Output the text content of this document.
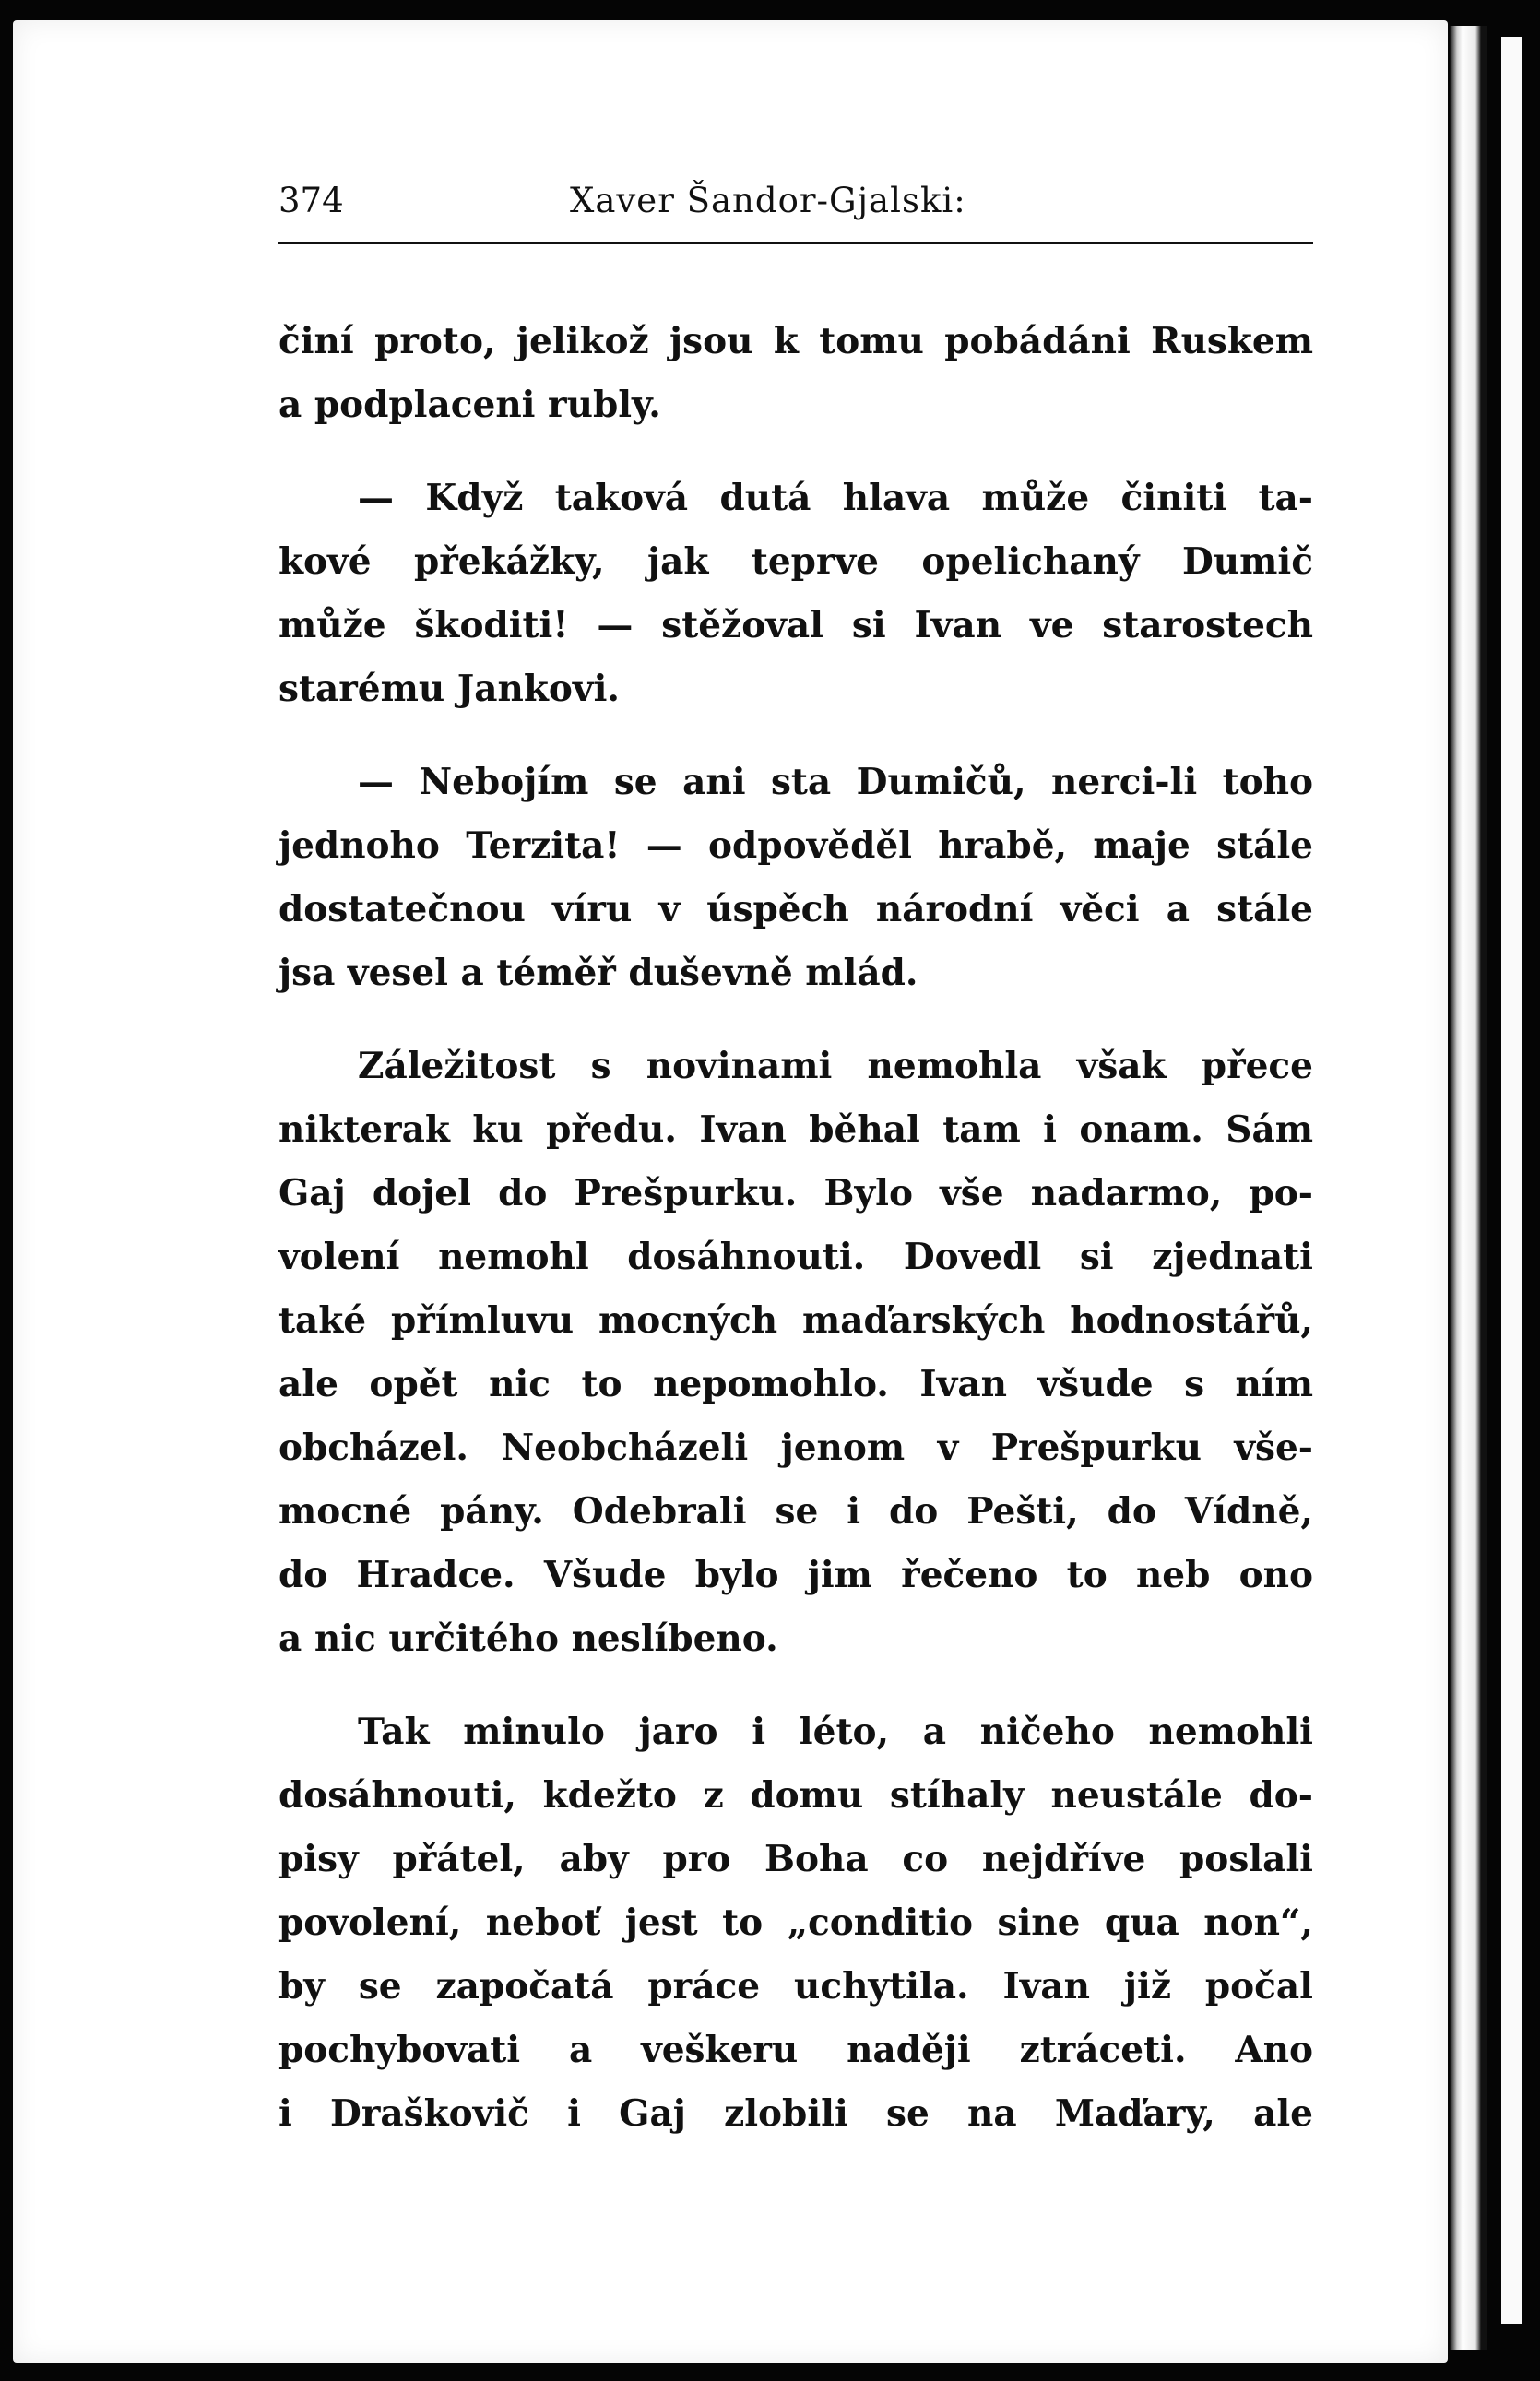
374	Xaver Šandor-Gjalski:
činí proto, jelikož jsou k tomu pobádáni Ruskem
a podplaceni rubly.
— Když taková dutá hlava může činiti ta-
kové překážky, jak teprve opelichaný Dumič
může škoditi! — stěžoval si Ivan ve starostech
starému Jankovi.
— Nebojím se ani sta Dumičů, nerci-li toho
jednoho Terzita! — odpověděl hrabě, maje stále
dostatečnou víru v úspěch národní věci a stále
jsa vesel a téměř duševně mlád.
Záležitost s novinami nemohla však přece
nikterak ku předu. Ivan běhal tam i onam. Sám
Gaj dojel do Prešpurku. Bylo vše nadarmo, po-
volení nemohl dosáhnouti. Dovedl si zjednati
také přímluvu mocných maďarských hodnostářů,
ale opět nic to nepomohlo. Ivan všude s ním
obcházel. Neobcházeli jenom v Prešpurku vše-
mocné pány. Odebrali se i do Pešti, do Vídně,
do Hradce. Všude bylo jim řečeno to neb ono
a nic určitého neslíbeno.
Tak minulo jaro i léto, a ničeho nemohli
dosáhnouti, kdežto z domu stíhaly neustále do-
pisy přátel, aby pro Boha co nejdříve poslali
povolení, neboť jest to „conditio sine qua non“,
by se započatá práce uchytila. Ivan již počal
pochybovati a veškeru naději ztráceti. Ano
i Draškovič i Gaj zlobili se na Maďary, ale
